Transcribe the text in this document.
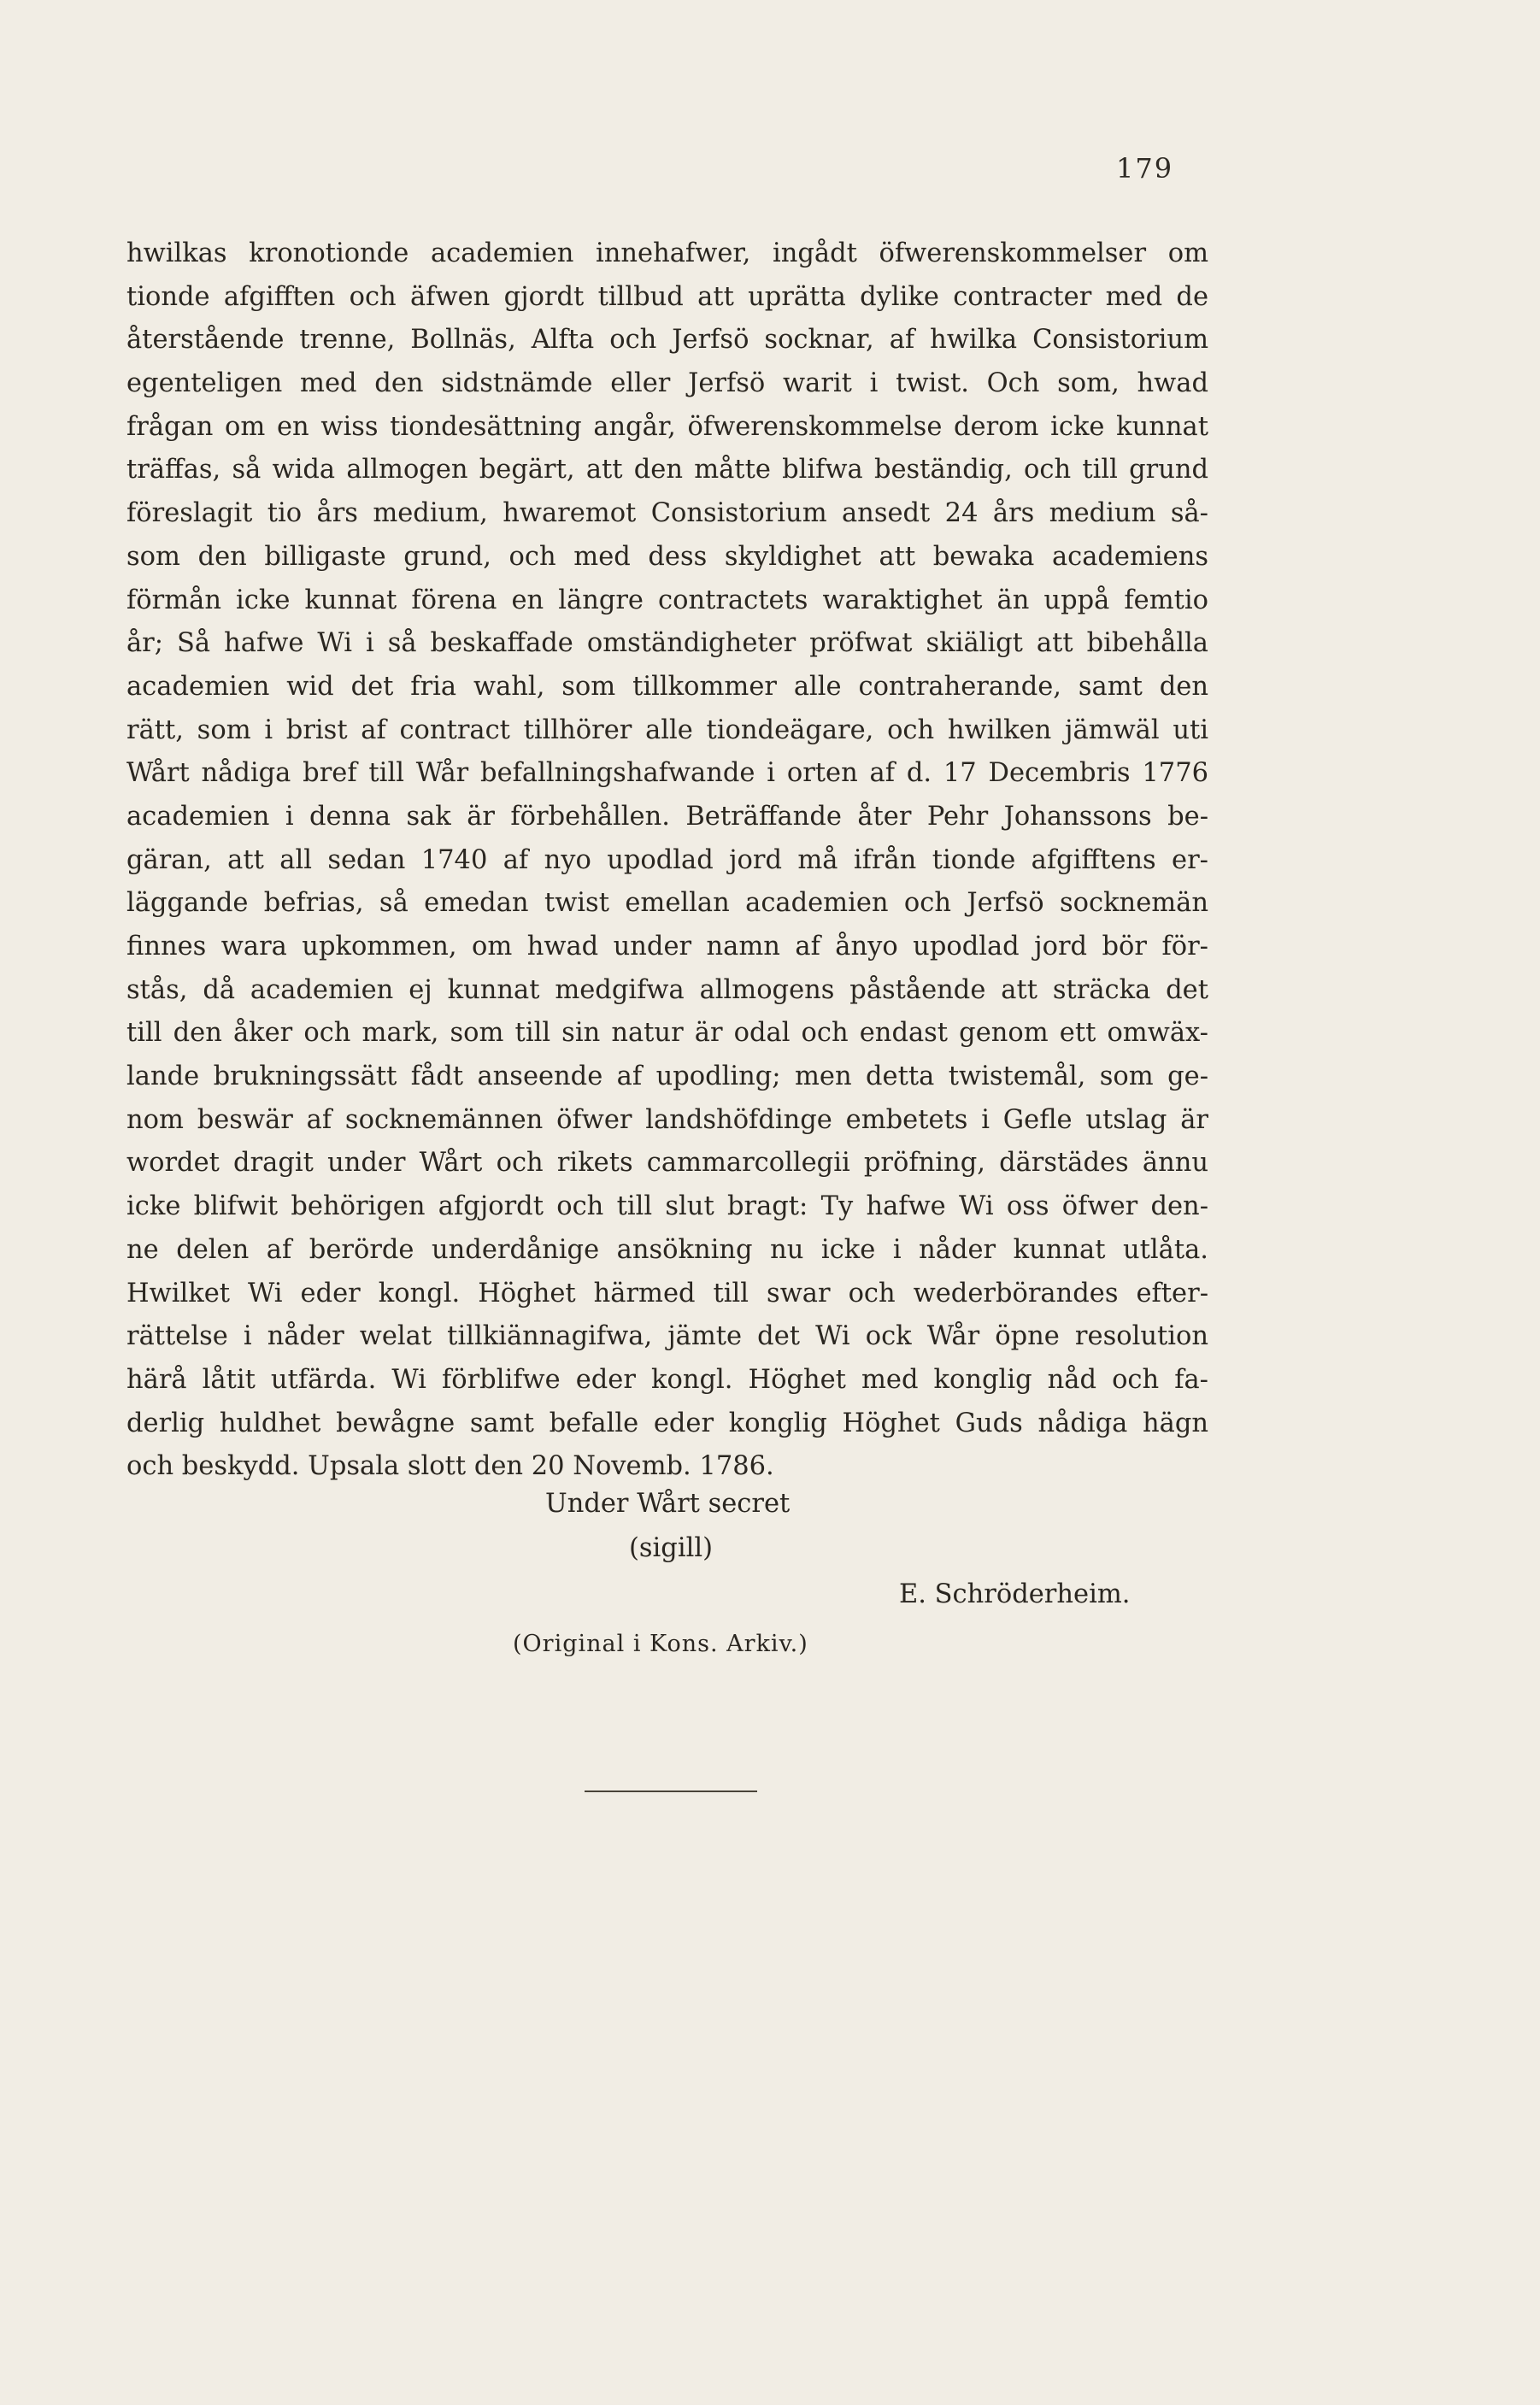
179
hwilkas kronotionde academien innehafwer, ingådt öfwerenskommelser om
tionde afgifften och äfwen gjordt tillbud att uprätta dylike contracter med de
återstående trenne, Bollnäs, Alfta och Jerfsö socknar, af hwilka Consistorium
egenteligen med den sidstnämde eller Jerfsö warit i twist. Och som, hwad
frågan om en wiss tiondesättning angår, öfwerenskommelse derom icke kunnat
träffas, så wida allmogen begärt, att den måtte blifwa beständig, och till grund
föreslagit tio års medium, hwaremot Consistorium ansedt 24 års medium så-
som den billigaste grund, och med dess skyldighet att bewaka academiens
förmån icke kunnat förena en längre contractets waraktighet än uppå femtio
år; Så hafwe Wi i så beskaffade omständigheter pröfwat skiäligt att bibehålla
academien wid det fria wahl, som tillkommer alle contraherande, samt den
rätt, som i brist af contract tillhörer alle tiondeägare, och hwilken jämwäl uti
Wårt nådiga bref till Wår befallningshafwande i orten af d. 17 Decembris 1776
academien i denna sak är förbehållen. Beträffande åter Pehr Johanssons be-
gäran, att all sedan 1740 af nyo upodlad jord må ifrån tionde afgifftens er-
läggande befrias, så emedan twist emellan academien och Jerfsö socknemän
finnes wara upkommen, om hwad under namn af ånyo upodlad jord bör för-
stås, då academien ej kunnat medgifwa allmogens påstående att sträcka det
till den åker och mark, som till sin natur är odal och endast genom ett omwäx-
lande brukningssätt fådt anseende af upodling; men detta twistemål, som ge-
nom beswär af socknemännen öfwer landshöfdinge embetets i Gefle utslag är
wordet dragit under Wårt och rikets cammarcollegii pröfning, därstädes ännu
icke blifwit behörigen afgjordt och till slut bragt: Ty hafwe Wi oss öfwer den-
ne delen af berörde underdånige ansökning nu icke i nåder kunnat utlåta.
Hwilket Wi eder kongl. Höghet härmed till swar och wederbörandes efter-
rättelse i nåder welat tillkiännagifwa, jämte det Wi ock Wår öpne resolution
härå låtit utfärda. Wi förblifwe eder kongl. Höghet med konglig nåd och fa-
derlig huldhet bewågne samt befalle eder konglig Höghet Guds nådiga hägn
och beskydd. Upsala slott den 20 Novemb. 1786.
Under Wårt secret
(sigill)
E. Schröderheim.
(Original i Kons. Arkiv.)
